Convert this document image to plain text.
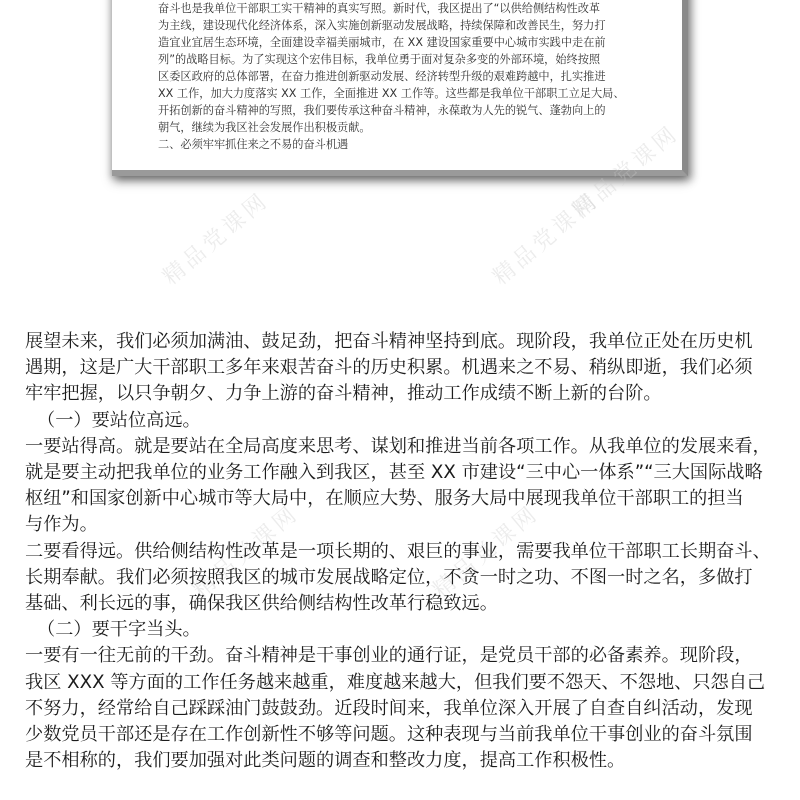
奋斗也是我单位干部职工实干精神的真实写照。新时代，我区提出了“以供给侧结构性改革

为主线，建设现代化经济体系，深入实施创新驱动发展战略，持续保障和改善民生，努力打

造宜业宜居生态环境，全面建设幸福美丽城市，在 XX 建设国家重要中心城市实践中走在前

列”的战略目标。为了实现这个宏伟目标，我单位勇于面对复杂多变的外部环境，始终按照

区委区政府的总体部署，在奋力推进创新驱动发展、经济转型升级的艰难跨越中，扎实推进

XX 工作，加大力度落实 XX 工作，全面推进 XX 工作等。这些都是我单位干部职工立足大局、

开拓创新的奋斗精神的写照，我们要传承这种奋斗精神，永葆敢为人先的锐气、蓬勃向上的

朝气，继续为我区社会发展作出积极贡献。

二、必须牢牢抓住来之不易的奋斗机遇

精品党课网	精品党课网
精品党课网
精品党课网	精品党课网

展望未来，我们必须加满油、鼓足劲，把奋斗精神坚持到底。现阶段，我单位正处在历史机

遇期，这是广大干部职工多年来艰苦奋斗的历史积累。机遇来之不易、稍纵即逝，我们必须

牢牢把握，以只争朝夕、力争上游的奋斗精神，推动工作成绩不断上新的台阶。

（一）要站位高远。

一要站得高。就是要站在全局高度来思考、谋划和推进当前各项工作。从我单位的发展来看，

就是要主动把我单位的业务工作融入到我区，甚至 XX 市建设“三中心一体系”“三大国际战略

枢纽”和国家创新中心城市等大局中，在顺应大势、服务大局中展现我单位干部职工的担当

与作为。

二要看得远。供给侧结构性改革是一项长期的、艰巨的事业，需要我单位干部职工长期奋斗、

长期奉献。我们必须按照我区的城市发展战略定位，不贪一时之功、不图一时之名，多做打

基础、利长远的事，确保我区供给侧结构性改革行稳致远。

（二）要干字当头。

一要有一往无前的干劲。奋斗精神是干事创业的通行证，是党员干部的必备素养。现阶段，

我区 XXX 等方面的工作任务越来越重，难度越来越大，但我们要不怨天、不怨地、只怨自己

不努力，经常给自己踩踩油门鼓鼓劲。近段时间来，我单位深入开展了自查自纠活动，发现

少数党员干部还是存在工作创新性不够等问题。这种表现与当前我单位干事创业的奋斗氛围

是不相称的，我们要加强对此类问题的调查和整改力度，提高工作积极性。
